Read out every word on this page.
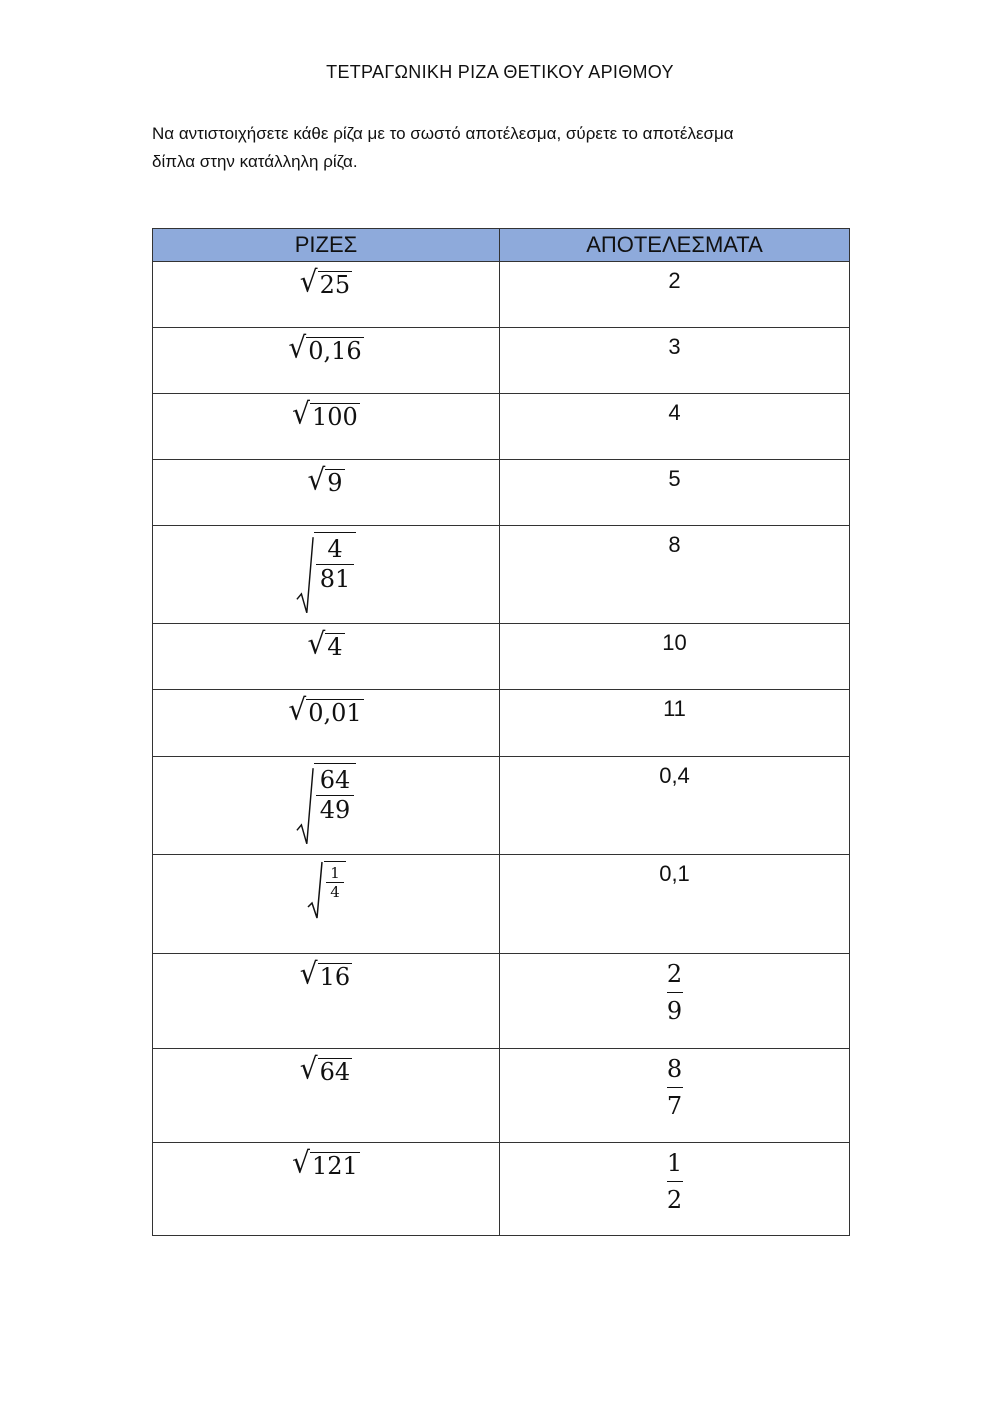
ΤΕΤΡΑΓΩΝΙΚΗ ΡΙΖΑ ΘΕΤΙΚΟΥ ΑΡΙΘΜΟΥ
Να αντιστοιχήσετε κάθε ρίζα με το σωστό αποτέλεσμα, σύρετε το αποτέλεσμα
δίπλα στην κατάλληλη ρίζα.
ΡΙΖΕΣ	ΑΠΟΤΕΛΕΣΜΑΤΑ

√ 25	2

√ 0,16	3

√ 100	4

√ 9	5

$\frac{4}{81}$	8

√ 4	10

√ 0,01	11

$\frac{64}{49}$	0,4

$\frac{1}{4}$	0,1

√ 16	$\frac{2}{9}$

√ 64	$\frac{8}{7}$

√ 121	$\frac{1}{2}$
